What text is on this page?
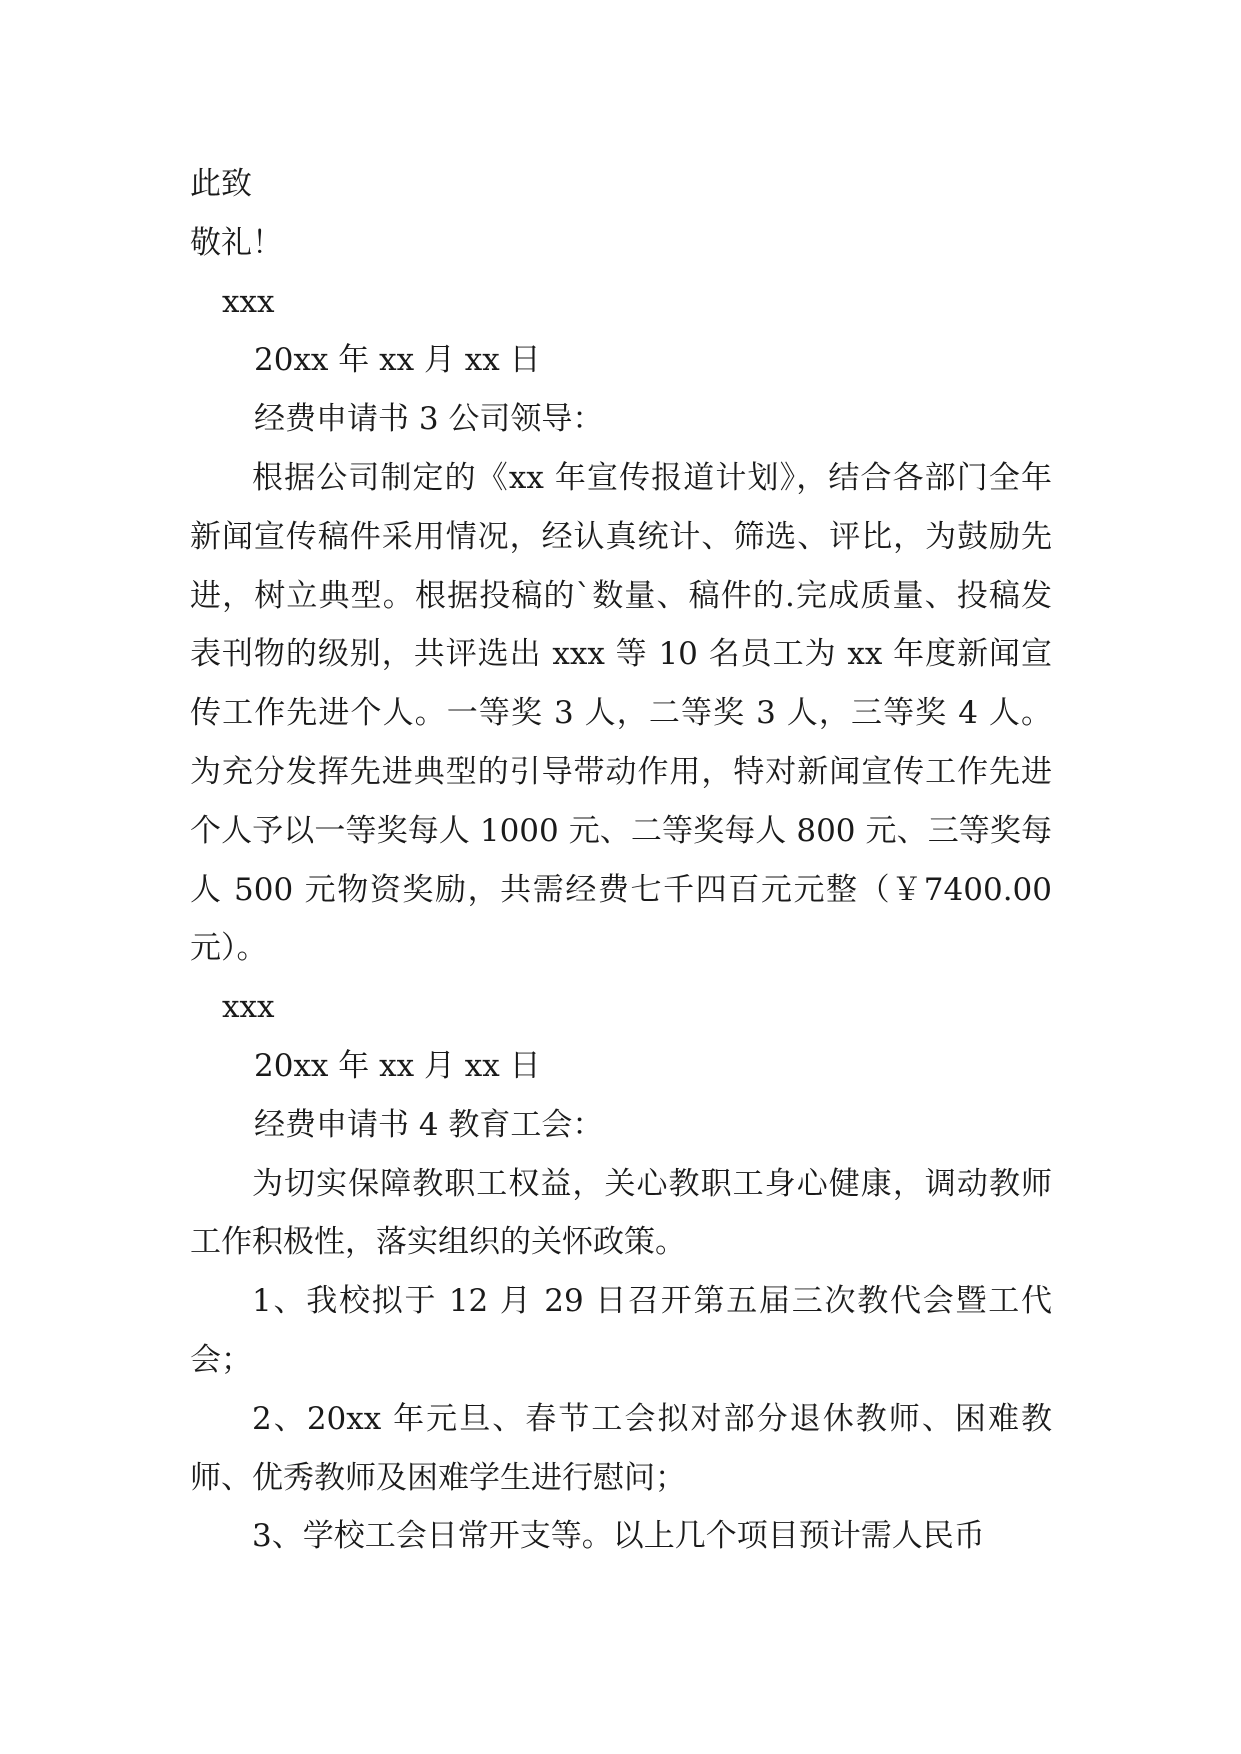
此致
敬礼！
xxx
20xx 年 xx 月 xx 日
经费申请书 3 公司领导：

根据公司制定的《xx 年宣传报道计划》，结合各部门全年新闻宣传稿件采用情况，经认真统计、筛选、评比，为鼓励先进，树立典型。根据投稿的`数量、稿件的.完成质量、投稿发表刊物的级别，共评选出 xxx 等 10 名员工为 xx 年度新闻宣传工作先进个人。一等奖 3 人，二等奖 3 人，三等奖 4 人。为充分发挥先进典型的引导带动作用，特对新闻宣传工作先进个人予以一等奖每人 1000 元、二等奖每人 800 元、三等奖每人 500 元物资奖励，共需经费七千四百元元整（￥7400.00 元）。

xxx
20xx 年 xx 月 xx 日
经费申请书 4 教育工会：

为切实保障教职工权益，关心教职工身心健康，调动教师工作积极性，落实组织的关怀政策。

1、我校拟于 12 月 29 日召开第五届三次教代会暨工代会；

2、20xx 年元旦、春节工会拟对部分退休教师、困难教师、优秀教师及困难学生进行慰问；

3、学校工会日常开支等。以上几个项目预计需人民币
